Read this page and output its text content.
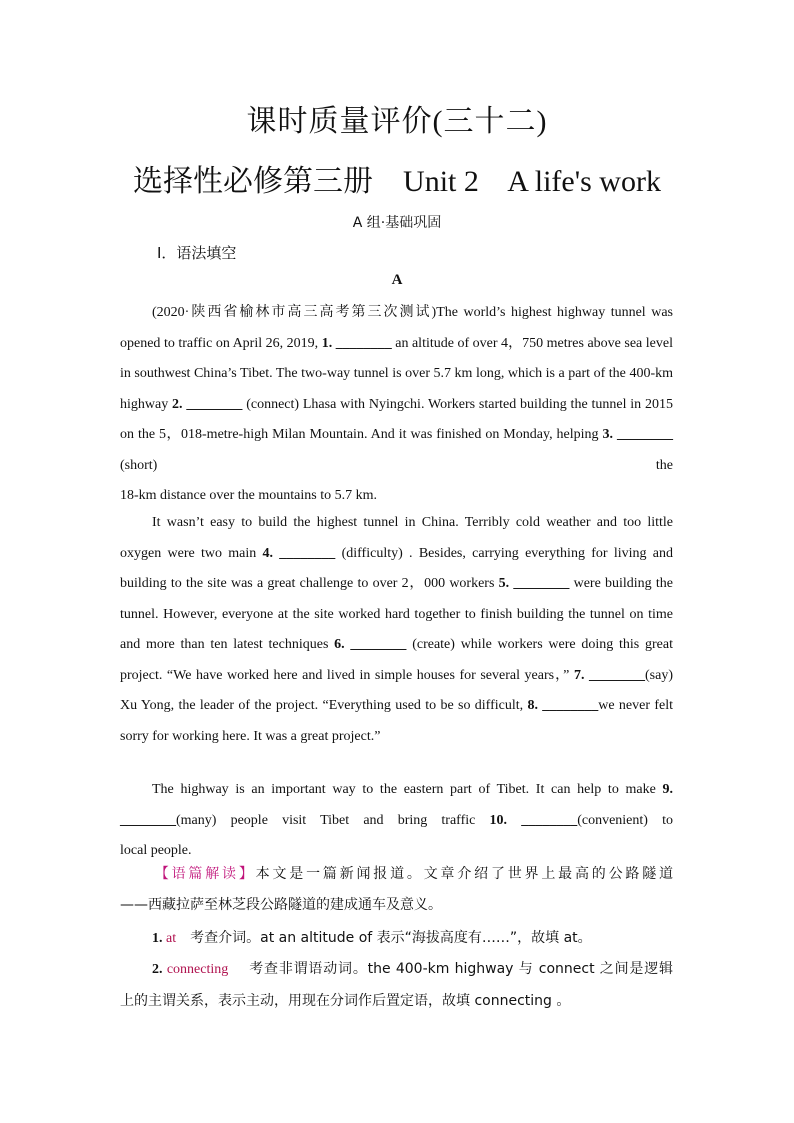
课时质量评价(三十二)
选择性必修第三册    Unit 2    A life's work
A 组·基础巩固
Ⅰ．语法填空
A
(2020·陕西省榆林市高三高考第三次测试)The world’s highest highway tunnel was opened to traffic on April 26, 2019, 1. ________ an altitude of over 4，750 metres above sea level in southwest China’s Tibet. The two-way tunnel is over 5.7 km long, which is a part of the 400-km highway 2. ________ (connect) Lhasa with Nyingchi. Workers started building the tunnel in 2015 on the 5，018-metre-high Milan Mountain. And it was finished on Monday, helping 3. ________ (short) the
18-km distance over the mountains to 5.7 km.
It wasn’t easy to build the highest tunnel in China. Terribly cold weather and too little oxygen were two main 4. ________ (difficulty) . Besides, carrying everything for living and building to the site was a great challenge to over 2，000 workers 5. ________ were building the tunnel. However, everyone at the site worked hard together to finish building the tunnel on time and more than ten latest techniques 6. ________ (create) while workers were doing this great project. “We have worked here and lived in simple houses for several years，” 7. ________(say) Xu Yong, the leader of the project. “Everything used to be so difficult, 8. ________we never felt
sorry for working here. It was a great project.”
The highway is an important way to the eastern part of Tibet. It can help to make 9. ________(many) people visit Tibet and bring traffic 10. ________(convenient) to
local people.
【语篇解读】本文是一篇新闻报道。文章介绍了世界上最高的公路隧道
——西藏拉萨至林芝段公路隧道的建成通车及意义。
1. at 考查介词。at an altitude of 表示“海拔高度有……”，故填 at。
2. connecting 考查非谓语动词。the 400-km highway 与 connect 之间是逻辑
上的主谓关系，表示主动，用现在分词作后置定语，故填 connecting 。
